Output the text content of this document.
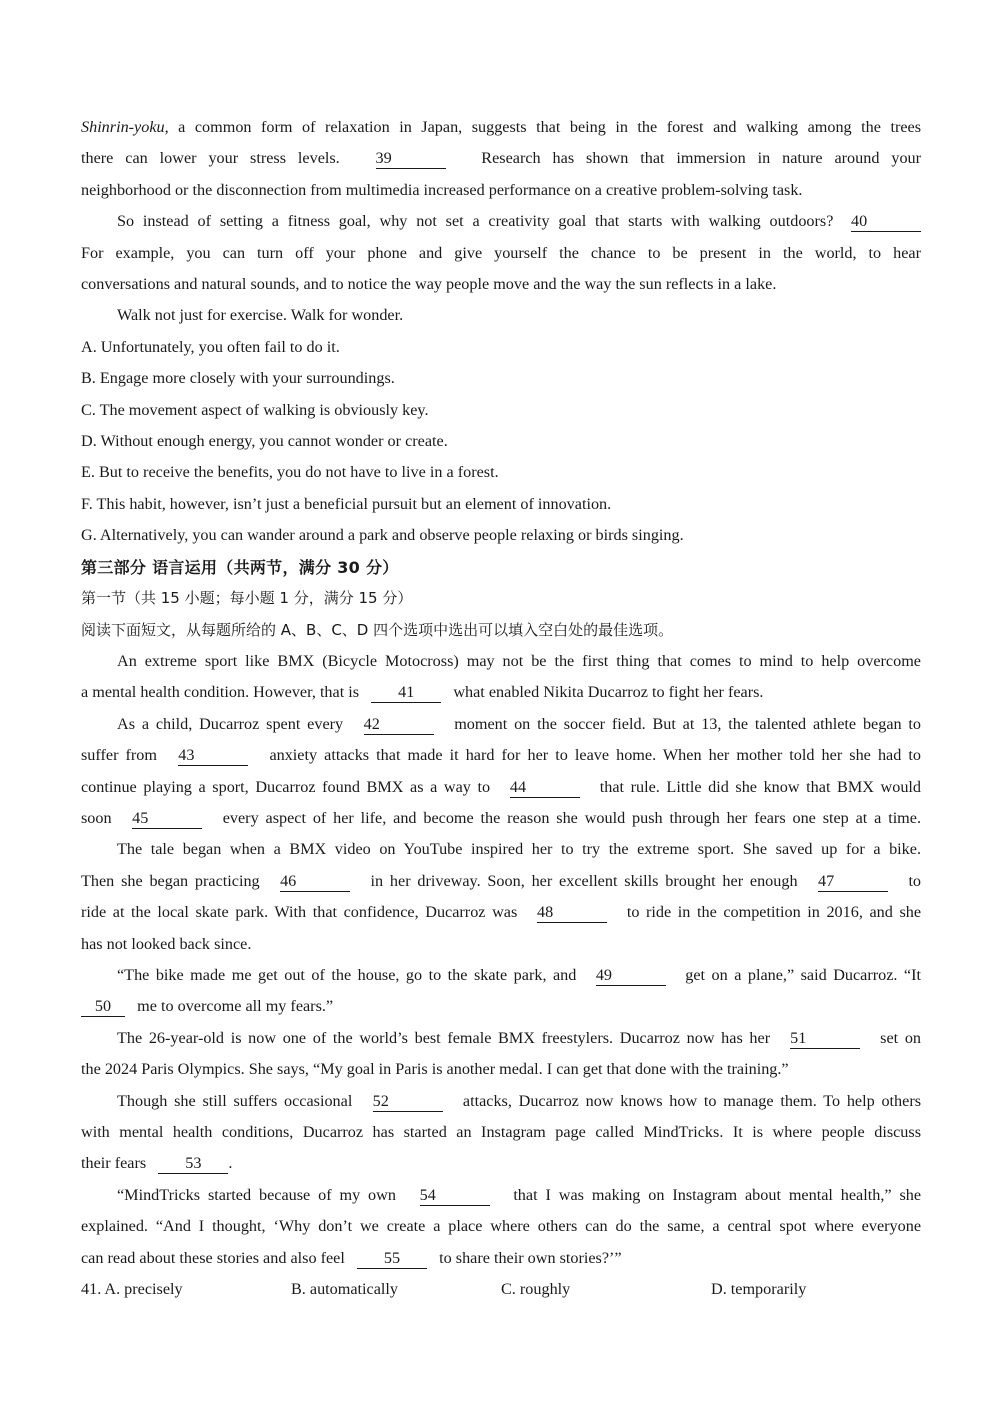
Shinrin-yoku, a common form of relaxation in Japan, suggests that being in the forest and walking among the trees

there can lower your stress levels. 39	Research has shown that immersion in nature around your

neighborhood or the disconnection from multimedia increased performance on a creative problem-solving task.

So instead of setting a fitness goal, why not set a creativity goal that starts with walking outdoors? 40

For example, you can turn off your phone and give yourself the chance to be present in the world, to hear

conversations and natural sounds, and to notice the way people move and the way the sun reflects in a lake.

Walk not just for exercise. Walk for wonder.

A. Unfortunately, you often fail to do it.

B. Engage more closely with your surroundings.

C. The movement aspect of walking is obviously key.

D. Without enough energy, you cannot wonder or create.

E. But to receive the benefits, you do not have to live in a forest.

F. This habit, however, isn’t just a beneficial pursuit but an element of innovation.

G. Alternatively, you can wander around a park and observe people relaxing or birds singing.

第三部分 语言运用（共两节，满分 30 分）

第一节（共 15 小题；每小题 1 分，满分 15 分）

阅读下面短文，从每题所给的 A、B、C、D 四个选项中选出可以填入空白处的最佳选项。

An extreme sport like BMX (Bicycle Motocross) may not be the first thing that comes to mind to help overcome

a mental health condition. However, that is 41 what enabled Nikita Ducarroz to fight her fears.

As a child, Ducarroz spent every 42	moment on the soccer field. But at 13, the talented athlete began to

suffer from 43	anxiety attacks that made it hard for her to leave home. When her mother told her she had to

continue playing a sport, Ducarroz found BMX as a way to 44	that rule. Little did she know that BMX would

soon 45	every aspect of her life, and become the reason she would push through her fears one step at a time.

The tale began when a BMX video on YouTube inspired her to try the extreme sport. She saved up for a bike.

Then she began practicing 46	in her driveway. Soon, her excellent skills brought her enough 47	to

ride at the local skate park. With that confidence, Ducarroz was 48	to ride in the competition in 2016, and she

has not looked back since.

“The bike made me get out of the house, go to the skate park, and 49	get on a plane,” said Ducarroz. “It

50 me to overcome all my fears.”

The 26-year-old is now one of the world’s best female BMX freestylers. Ducarroz now has her 51	set on

the 2024 Paris Olympics. She says, “My goal in Paris is another medal. I can get that done with the training.”

Though she still suffers occasional 52	attacks, Ducarroz now knows how to manage them. To help others

with mental health conditions, Ducarroz has started an Instagram page called MindTricks. It is where people discuss

their fears 53 .

“MindTricks started because of my own 54	that I was making on Instagram about mental health,” she

explained. “And I thought, ‘Why don’t we create a place where others can do the same, a central spot where everyone

can read about these stories and also feel 55 to share their own stories?’”

41. A. precisely	B. automatically	C. roughly	D. temporarily
